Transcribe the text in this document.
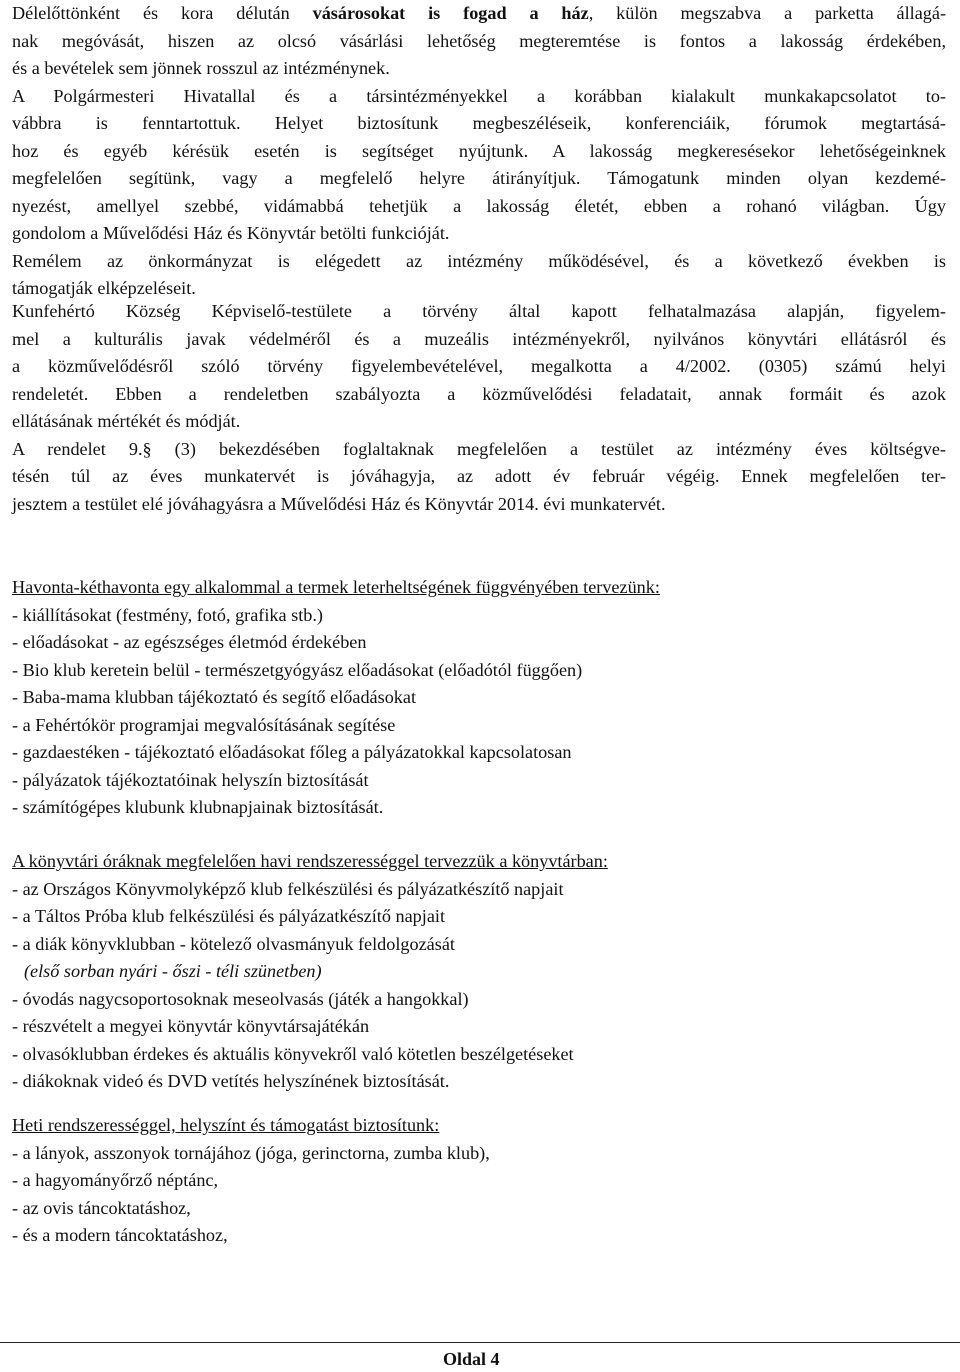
Délelőttönként és kora délután vásárosokat is fogad a ház, külön megszabva a parketta állagá-
nak megóvását, hiszen az olcsó vásárlási lehetőség megteremtése is fontos a lakosság érdekében,
és a bevételek sem jönnek rosszul az intézménynek.
A Polgármesteri Hivatallal és a társintézményekkel a korábban kialakult munkakapcsolatot to-
vábbra is fenntartottuk. Helyet biztosítunk megbeszéléseik, konferenciáik, fórumok megtartásá-
hoz és egyéb kérésük esetén is segítséget nyújtunk. A lakosság megkeresésekor lehetőségeinknek
megfelelően segítünk, vagy a megfelelő helyre átirányítjuk. Támogatunk minden olyan kezdemé-
nyezést, amellyel szebbé, vidámabbá tehetjük a lakosság életét, ebben a rohanó világban. Úgy
gondolom a Művelődési Ház és Könyvtár betölti funkcióját.
Remélem az önkormányzat is elégedett az intézmény működésével, és a következő években is
támogatják elképzeléseit.
Kunfehértó Község Képviselő-testülete a törvény által kapott felhatalmazása alapján, figyelem-
mel a kulturális javak védelméről és a muzeális intézményekről, nyilvános könyvtári ellátásról és
a közművelődésről szóló törvény figyelembevételével, megalkotta a 4/2002. (0305) számú helyi
rendeletét. Ebben a rendeletben szabályozta a közművelődési feladatait, annak formáit és azok
ellátásának mértékét és módját.
A rendelet 9.§ (3) bekezdésében foglaltaknak megfelelően a testület az intézmény éves költségve-
tésén túl az éves munkatervét is jóváhagyja, az adott év február végéig. Ennek megfelelően ter-
jesztem a testület elé jóváhagyásra a Művelődési Ház és Könyvtár 2014. évi munkatervét.
Havonta-kéthavonta egy alkalommal a termek leterheltségének függvényében tervezünk:
- kiállításokat (festmény, fotó, grafika stb.)
- előadásokat - az egészséges életmód érdekében
- Bio klub keretein belül - természetgyógyász előadásokat (előadótól függően)
- Baba-mama klubban tájékoztató és segítő előadásokat
- a Fehértókör programjai megvalósításának segítése
- gazdaestéken - tájékoztató előadásokat főleg a pályázatokkal kapcsolatosan
- pályázatok tájékoztatóinak helyszín biztosítását
- számítógépes klubunk klubnapjainak biztosítását.
A könyvtári óráknak megfelelően havi rendszerességgel tervezzük a könyvtárban:
- az Országos Könyvmolyképző klub felkészülési és pályázatkészítő napjait
- a Táltos Próba klub felkészülési és pályázatkészítő napjait
- a diák könyvklubban - kötelező olvasmányuk feldolgozását
(első sorban nyári - őszi - téli szünetben)
- óvodás nagycsoportosoknak meseolvasás (játék a hangokkal)
- részvételt a megyei könyvtár könyvtársajátékán
- olvasóklubban érdekes és aktuális könyvekről való kötetlen beszélgetéseket
- diákoknak videó és DVD vetítés helyszínének biztosítását.
Heti rendszerességgel, helyszínt és támogatást biztosítunk:
- a lányok, asszonyok tornájához (jóga, gerinctorna, zumba klub),
- a hagyományőrző néptánc,
- az ovis táncoktatáshoz,
- és a modern táncoktatáshoz,
Oldal 4
